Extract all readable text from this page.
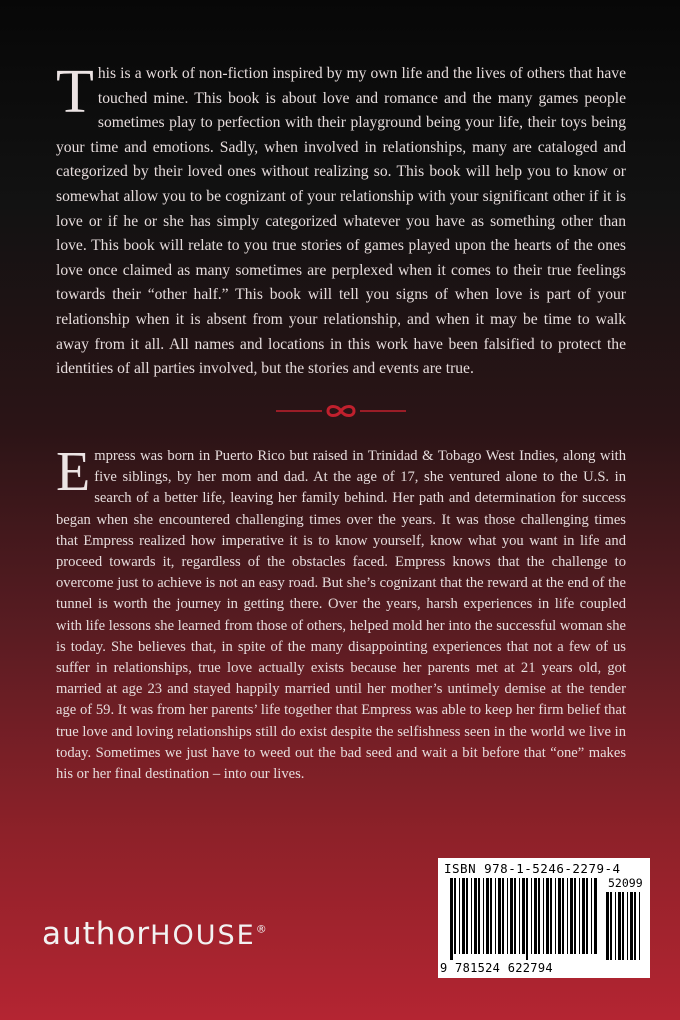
This is a work of non-fiction inspired by my own life and the lives of others that have touched mine. This book is about love and romance and the many games people sometimes play to perfection with their playground being your life, their toys being your time and emotions. Sadly, when involved in relationships, many are cataloged and categorized by their loved ones without realizing so. This book will help you to know or somewhat allow you to be cognizant of your relationship with your significant other if it is love or if he or she has simply categorized whatever you have as something other than love. This book will relate to you true stories of games played upon the hearts of the ones love once claimed as many sometimes are perplexed when it comes to their true feelings towards their “other half.” This book will tell you signs of when love is part of your relationship when it is absent from your relationship, and when it may be time to walk away from it all. All names and locations in this work have been falsified to protect the identities of all parties involved, but the stories and events are true.

Empress was born in Puerto Rico but raised in Trinidad & Tobago West Indies, along with five siblings, by her mom and dad. At the age of 17, she ventured alone to the U.S. in search of a better life, leaving her family behind. Her path and determination for success began when she encountered challenging times over the years. It was those challenging times that Empress realized how imperative it is to know yourself, know what you want in life and proceed towards it, regardless of the obstacles faced. Empress knows that the challenge to overcome just to achieve is not an easy road. But she’s cognizant that the reward at the end of the tunnel is worth the journey in getting there. Over the years, harsh experiences in life coupled with life lessons she learned from those of others, helped mold her into the successful woman she is today. She believes that, in spite of the many disappointing experiences that not a few of us suffer in relationships, true love actually exists because her parents met at 21 years old, got married at age 23 and stayed happily married until her mother’s untimely demise at the tender age of 59. It was from her parents’ life together that Empress was able to keep her firm belief that true love and loving relationships still do exist despite the selfishness seen in the world we live in today. Sometimes we just have to weed out the bad seed and wait a bit before that “one” makes his or her final destination – into our lives.

authorHOUSE®
ISBN 978-1-5246-2279-4
52099
9 781524 622794
